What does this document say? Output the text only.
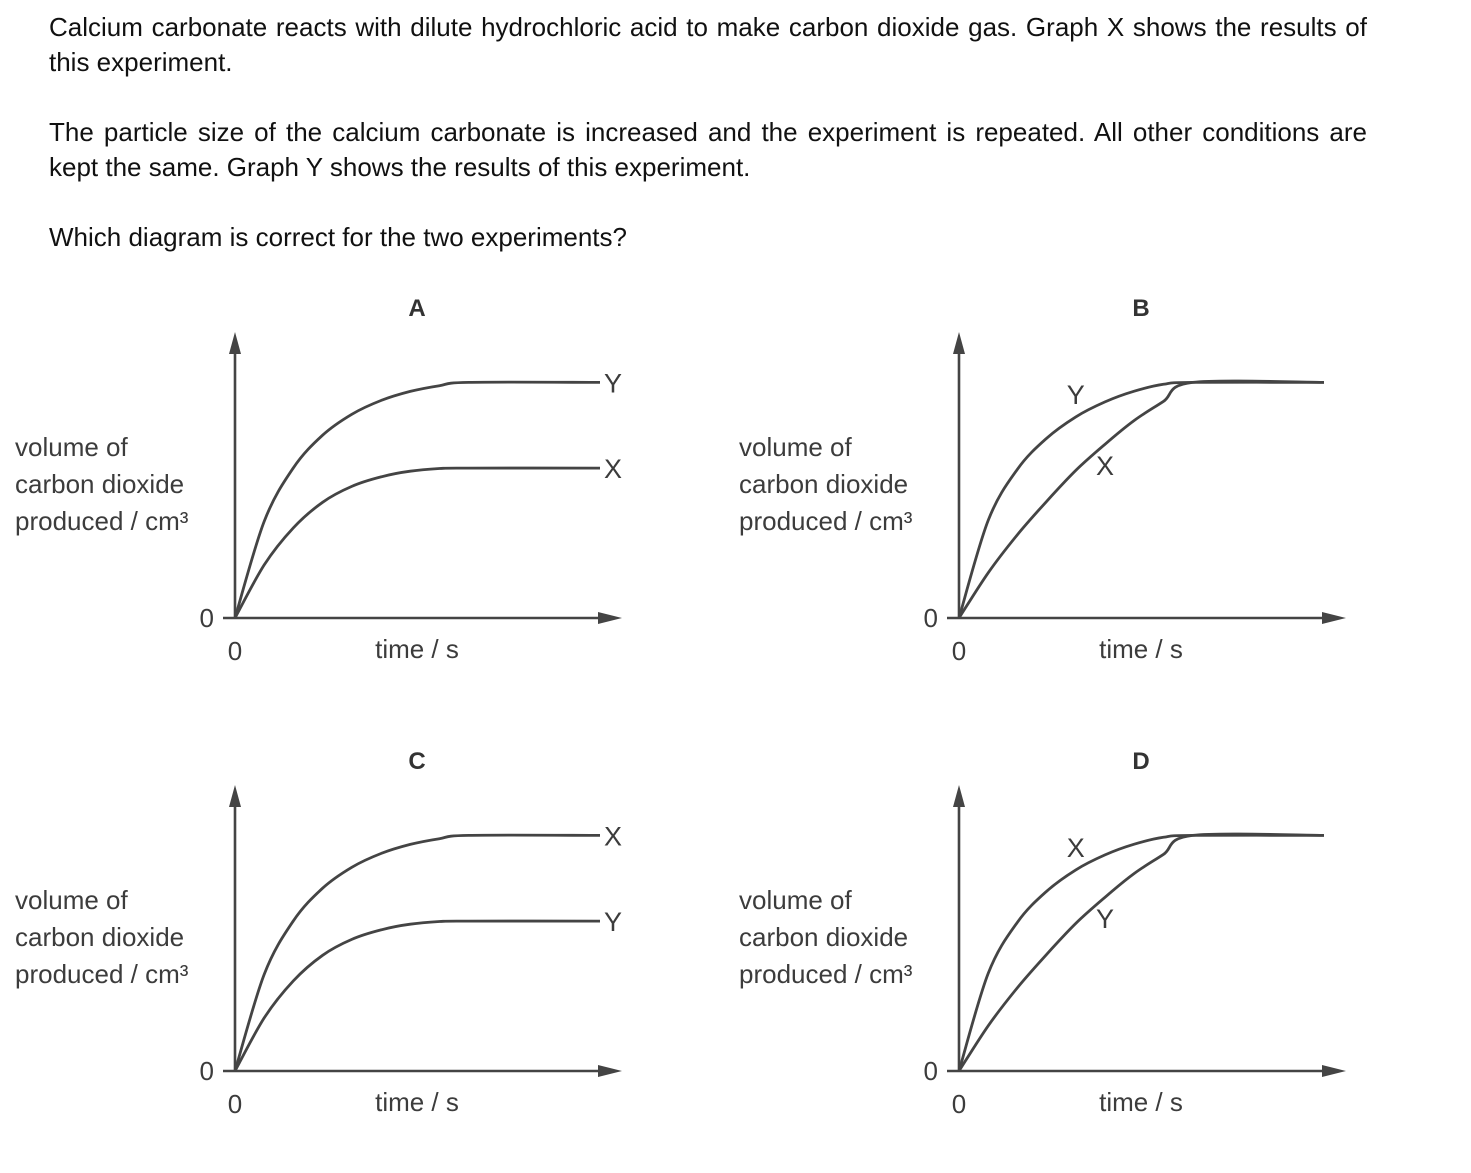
Calcium carbonate reacts with dilute hydrochloric acid to make carbon dioxide gas. Graph X shows the results of this experiment.

The particle size of the calcium carbonate is increased and the experiment is repeated. All other conditions are kept the same. Graph Y shows the results of this experiment.

Which diagram is correct for the two experiments?

A
0
0	time / s
volume of
carbon dioxide
produced / cm³
Y
X
B
0
0	time / s
volume of
carbon dioxide
produced / cm³
Y
X
C
0
0	time / s
volume of
carbon dioxide
produced / cm³
X
Y
D
0
0	time / s
volume of
carbon dioxide
produced / cm³
X
Y
